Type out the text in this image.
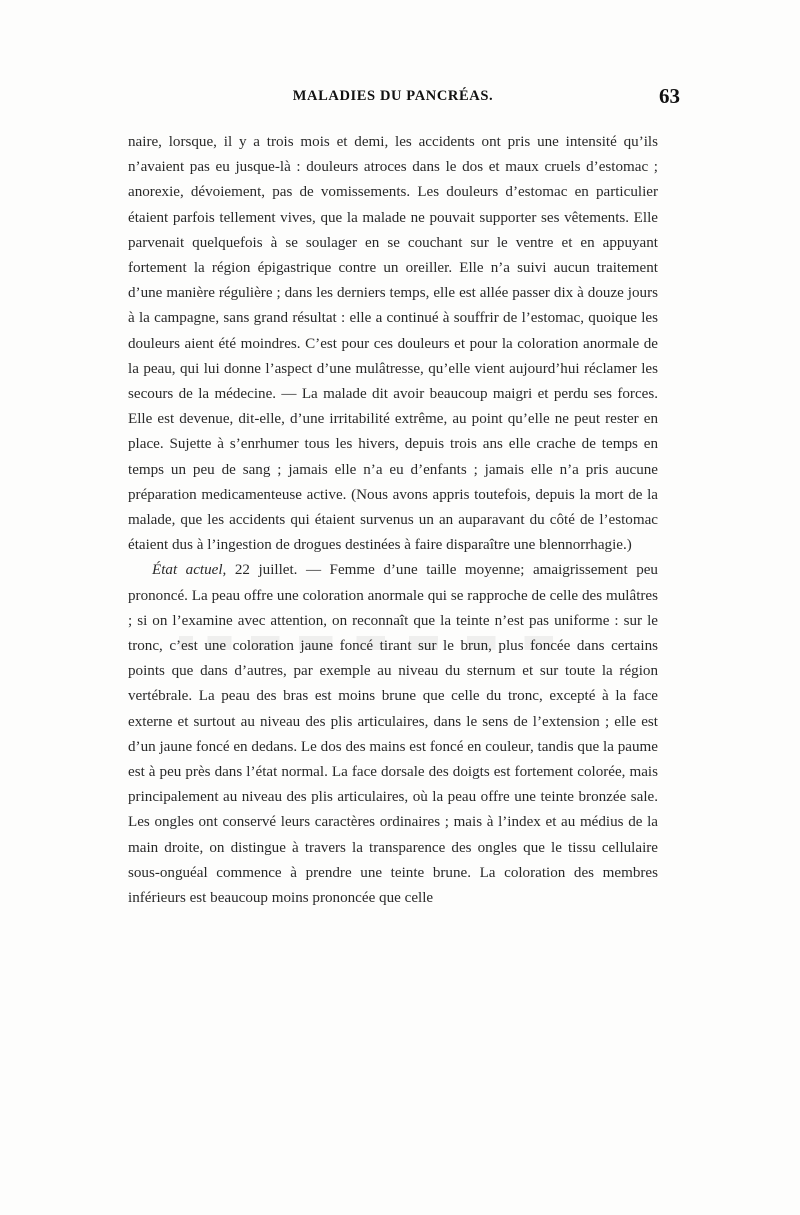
MALADIES DU PANCRÉAS.	63

naire, lorsque, il y a trois mois et demi, les accidents ont pris une intensité qu’ils n’avaient pas eu jusque-là : douleurs atroces dans le dos et maux cruels d’estomac ; anorexie, dévoiement, pas de vomissements. Les douleurs d’estomac en particulier étaient parfois tellement vives, que la malade ne pouvait supporter ses vêtements. Elle parvenait quelquefois à se soulager en se couchant sur le ventre et en appuyant fortement la région épigastrique contre un oreiller. Elle n’a suivi aucun traitement d’une manière régulière ; dans les derniers temps, elle est allée passer dix à douze jours à la campagne, sans grand résultat : elle a continué à souffrir de l’estomac, quoique les douleurs aient été moindres. C’est pour ces douleurs et pour la coloration anormale de la peau, qui lui donne l’aspect d’une mulâtresse, qu’elle vient aujourd’hui réclamer les secours de la médecine. — La malade dit avoir beaucoup maigri et perdu ses forces. Elle est devenue, dit-elle, d’une irritabilité extrême, au point qu’elle ne peut rester en place. Sujette à s’enrhumer tous les hivers, depuis trois ans elle crache de temps en temps un peu de sang ; jamais elle n’a eu d’enfants ; jamais elle n’a pris aucune préparation medicamenteuse active. (Nous avons appris toutefois, depuis la mort de la malade, que les accidents qui étaient survenus un an auparavant du côté de l’estomac étaient dus à l’ingestion de drogues destinées à faire disparaître une blennorrhagie.)

État actuel, 22 juillet. — Femme d’une taille moyenne; amaigrissement peu prononcé. La peau offre une coloration anormale qui se rapproche de celle des mulâtres ; si on l’examine avec attention, on reconnaît que la teinte n’est pas uniforme : sur le tronc, c’est une coloration jaune foncé tirant sur le brun, plus foncée dans certains points que dans d’autres, par exemple au niveau du sternum et sur toute la région vertébrale. La peau des bras est moins brune que celle du tronc, excepté à la face externe et surtout au niveau des plis articulaires, dans le sens de l’extension ; elle est d’un jaune foncé en dedans. Le dos des mains est foncé en couleur, tandis que la paume est à peu près dans l’état normal. La face dorsale des doigts est fortement colorée, mais principalement au niveau des plis articulaires, où la peau offre une teinte bronzée sale. Les ongles ont conservé leurs caractères ordinaires ; mais à l’index et au médius de la main droite, on distingue à travers la transparence des ongles que le tissu cellulaire sous-onguéal commence à prendre une teinte brune. La coloration des membres inférieurs est beaucoup moins prononcée que celle
